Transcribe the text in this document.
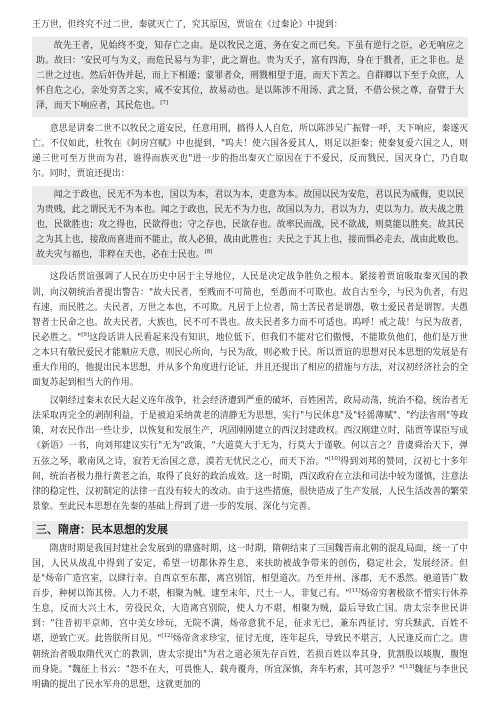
王万世，但终究不过二世，秦就灭亡了，究其原因，贾谊在《过秦论》中提到：

故先王者，见始终不变，知存亡之由。是以牧民之道，务在安之而已矣。下虽有逆行之臣，必无响应之助。故曰：'安民可与为义，而危民易与为非'，此之谓也。贵为天子，富有四海，身在于戮者，正之非也。是二世之过也。然后奸伪并起，而上下相遁；蒙罪者众，刑戮相望于道，而天下苦之。自群卿以下至于众庶，人怀自危之心，亲处穷苦之实，咸不安其位，故易动也。是以陈涉不用汤、武之贤，不借公侯之尊，奋臂于大泽，而天下响应者，其民危也。[7]

意思是讲秦二世不以牧民之道安民，任意用刑，搞得人人自危，所以陈涉吴广振臂一呼，天下响应，秦遂灭亡。不仅如此，杜牧在《阿房宫赋》中也提到，"呜夫！使六国各爱其人，则足以拒秦；使秦复爱六国之人，则递三世可至万世而为君，谁得而族灭也"进一步的指出秦灭亡原因在于不爱民，反而戮民，国灭身亡，乃自取尔。同时，贾谊还提出：

闻之于政也，民无不为本也，国以为本，君以为本，吏意为本。故国以民为安危，君以民为威侮，吏以民为贵贱，此之谓民无不为本也。闻之于政也，民无不为力也，故国以为力，君以为力，吏以为力。故夫战之胜也，民欲胜也；攻之得也，民欲得也；守之存也，民欲存也。故率民而战，民不欲战，则莫能以胜矣。故其民之为其上也，接敌而喜进而不能止，故人必狼，战由此胜也；夫民之于其上也，接而惧必走去，战由此败也。故夫灾与福也，非粹在天也，必在士民也。[8]

这段话贯谊强调了人民在历史中居于主导地位，人民是决定战争胜负之根本。紧接着贾谊吸取秦灭国的教训，向汉朝统治者提出警告："故夫民者，至贱而不可简也，至愚而不可欺也。故自古至今，与民为仇者，有迟有速，而民胜之。夫民者，万世之本也，不可欺。凡居于上位者，简士苦民者是谓愚，敬士爱民者是谓智。夫愚智者士民命之也。故夫民者，大族也，民不可不畏也。故夫民者多力而不可适也。呜呼！戒之哉！与民为敌者，民必胜之。"[9]这段话讲人民看起来没有知识，地位低下，但我们不能对它们傲慢，不能欺负他们，他们是万世之本只有敬民爱民才能顺应天意，则民心所向，与民为敌，则必败于民。所以贾谊的思想对民本思想的发展是有重大作用的，他提出民本思想，并从多个角度进行论证，并且还提出了相应的措施与方法，对汉初经济社会的全面复苏起到相当大的作用。

汉朝经过秦末农民大起义连年战争，社会经济遭到严重的破坏，百姓困苦，政局动荡，统治不稳，统治者无法采取再完全的剥削利益，于是被迫采纳黄老的清静无为思想，实行"与民休息"及"轻徭薄赋"、"约法省刑"等政策，对农民作出一些让步，以恢复和发展生产，巩固刚刚建立的西汉封建政权。西汉刚建立时，陆贾等谋臣写成《新语》一书，向刘邦建议实行"无为"政策，"大道莫大于无为，行莫大于谨敬。何以言之？昔虞舜治天下，弹五弦之琴，歌南风之诗，寂若无治国之意，漠若无忧民之心，而天下治。"[10]得到刘邦的赞同，汉初七十多年间，统治者极力推行黄老之治，取得了良好的政治成效。这一时期，西汉政府在立法和司法中较为谨慎，注意法律的稳定性，汉初制定的法律一直没有较大的改动。由于这些措施，很快造成了生产发展，人民生活改善的繁荣景象。至此民本思想在先秦的基础上得到了进一步的发展、深化与完善。

三、隋唐：民本思想的发展

隋唐时期是我国封建社会发展到的鼎盛时期，这一时期，隋朝结束了三国魏晋南北朝的混乱局面，统一了中国，人民从战乱中得到了安定，希望一切都休养生息，来扶助被战争带来的创伤，稳定社会，发展经济。但是"炀帝广造宫室，以肆行幸。自西京至东都，离宫别馆，相望道次。乃至并州、涿郡，无不悉然。驰道皆广数百步，种树以饰其傍。人力不堪，相聚为贼。逮至末年，尺土一人，非复己有。"[11]炀帝穷奢极欲不惜实行休养生息，反而大兴土木，劳役民众，大造离宫别院，使人力不堪，相聚为贼，最后导致亡国。唐太宗李世民讲到："往昔初平京师，宫中美女珍玩，无院不满，炀帝意犹不足，征求无已，兼东西征讨，穷兵黩武，百姓不堪，逆致亡灭。此皆朕所目见。"[12]炀帝贪求珍宝，征讨无度，连年起兵，导致民不堪言，人民逢反而亡之。唐朝统治者吸取隋代灭亡的教训，唐太宗提出"为君之道必须先存百姓，若损百姓以奉其身，犹割股以啖腹，腹饱而身毙。"魏征上书云："怨不在大，可畏惟人，载舟覆舟，所宜深慎，奔车朽索，其可忽乎？"[13]魏征与李世民明确的提出了民水军舟的思想，这就更加的
